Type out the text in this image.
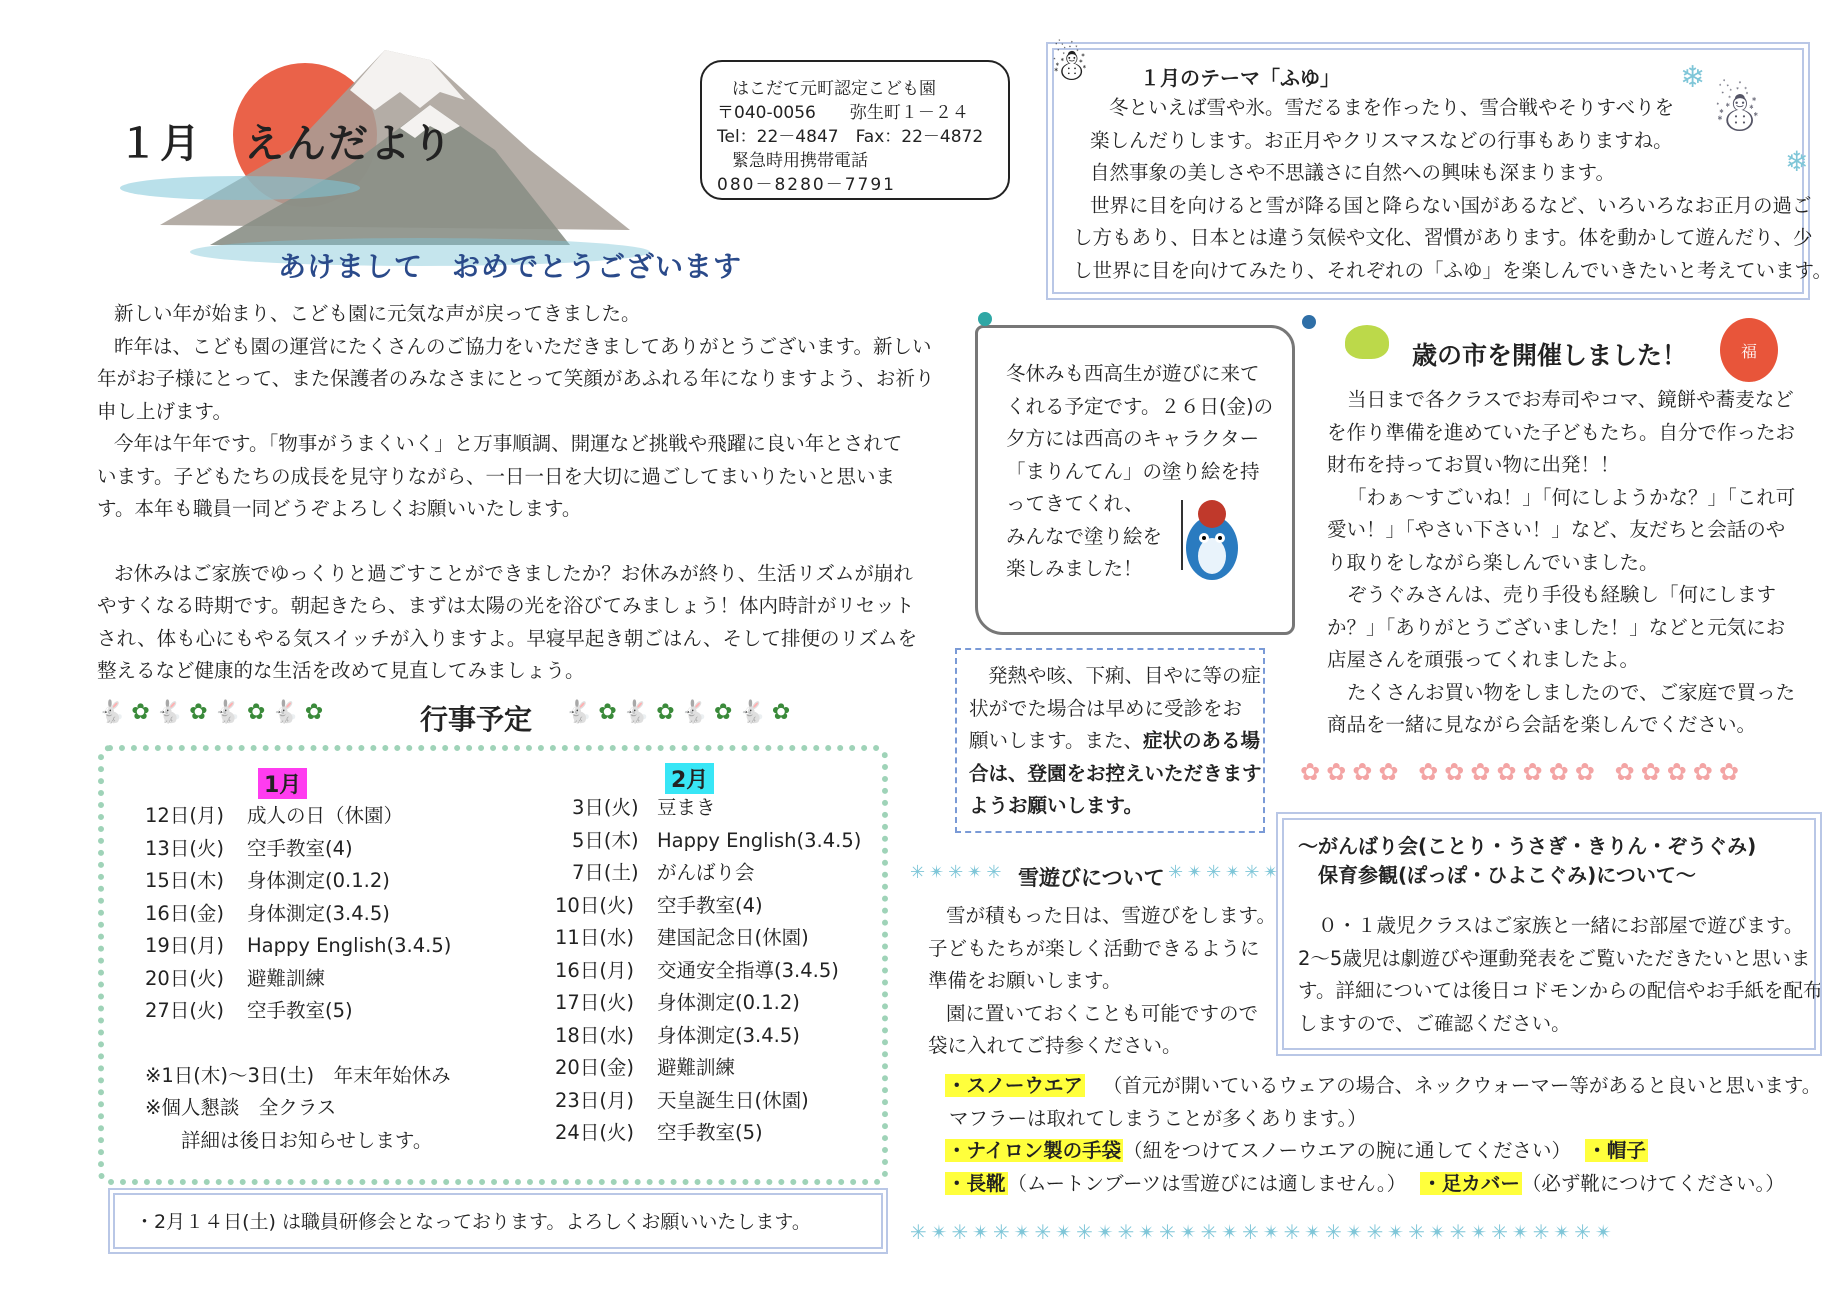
１月　えんだより
あけまして　おめでとうございます
はこだて元町認定こども園
〒040-0056　　弥生町１－２４
Tel：22－4847　Fax：22－4872
緊急時用携帯電話
080－8280－7791
☃
☃
❄
❄
１月のテーマ「ふゆ」

冬といえば雪や氷。雪だるまを作ったり、雪合戦やそりすべりを

楽しんだりします。お正月やクリスマスなどの行事もありますね。

自然事象の美しさや不思議さに自然への興味も深まります。

世界に目を向けると雪が降る国と降らない国があるなど、いろいろなお正月の過ご

し方もあり、日本とは違う気候や文化、習慣があります。体を動かして遊んだり、少

し世界に目を向けてみたり、それぞれの「ふゆ」を楽しんでいきたいと考えています。

新しい年が始まり、こども園に元気な声が戻ってきました。

昨年は、こども園の運営にたくさんのご協力をいただきましてありがとうございます。新しい

年がお子様にとって、また保護者のみなさまにとって笑顔があふれる年になりますよう、お祈り

申し上げます。

今年は午年です。「物事がうまくいく」と万事順調、開運など挑戦や飛躍に良い年とされて

います。子どもたちの成長を見守りながら、一日一日を大切に過ごしてまいりたいと思いま

す。本年も職員一同どうぞよろしくお願いいたします。

お休みはご家族でゆっくりと過ごすことができましたか？お休みが終り、生活リズムが崩れ

やすくなる時期です。朝起きたら、まずは太陽の光を浴びてみましょう！体内時計がリセット

され、体も心にもやる気スイッチが入りますよ。早寝早起き朝ごはん、そして排便のリズムを

整えるなど健康的な生活を改めて見直してみましょう。

🐇✿🐇✿🐇✿🐇✿	行事予定 🐇✿🐇✿🐇✿🐇✿
1月
12日(月)	成人の日（休園）
13日(火)	空手教室(4)
15日(木)	身体測定(0.1.2)
16日(金)	身体測定(3.4.5)
19日(月)	Happy English(3.4.5)
20日(火)	避難訓練
27日(火)	空手教室(5)
※1日(木)～3日(土)　年末年始休み
※個人懇談　全クラス
詳細は後日お知らせします。
2月
3日(火) 豆まき
5日(木) Happy English(3.4.5)
7日(土) がんばり会
10日(火)	空手教室(4)
11日(水)	建国記念日(休園)
16日(月)	交通安全指導(3.4.5)
17日(火)	身体測定(0.1.2)
18日(水)	身体測定(3.4.5)
20日(金)	避難訓練
23日(月)	天皇誕生日(休園)
24日(火)	空手教室(5)
・2月１４日(土) は職員研修会となっております。よろしくお願いいたします。

冬休みも西高生が遊びに来て

くれる予定です。２６日(金)の

夕方には西高のキャラクター

「まりんてん」の塗り絵を持

ってきてくれ、

みんなで塗り絵を

楽しみました！

発熱や咳、下痢、目やに等の症

状がでた場合は早めに受診をお

願いします。また、症状のある場

合は、登園をお控えいただきます

ようお願いします。

歳の市を開催しました！	福

当日まで各クラスでお寿司やコマ、鏡餅や蕎麦など

を作り準備を進めていた子どもたち。自分で作ったお

財布を持ってお買い物に出発！！

「わぁ～すごいね！」「何にしようかな？」「これ可

愛い！」「やさい下さい！」など、友だちと会話のや

り取りをしながら楽しんでいました。

ぞうぐみさんは、売り手役も経験し「何にします

か？」「ありがとうございました！」などと元気にお

店屋さんを頑張ってくれましたよ。

たくさんお買い物をしましたので、ご家庭で買った

商品を一緒に見ながら会話を楽しんでください。

✿✿✿✿ ✿✿✿✿✿✿✿ ✿✿✿✿✿
～がんばり会(ことり・うさぎ・きりん・ぞうぐみ)
保育参観(ぽっぽ・ひよこぐみ)について～

０・１歳児クラスはご家族と一緒にお部屋で遊びます。

2～5歳児は劇遊びや運動発表をご覧いただきたいと思いま

す。詳細については後日コドモンからの配信やお手紙を配布

しますので、ご確認ください。

✳✴✳✴✳ 雪遊びについて ✳✴✳✴✳✴

雪が積もった日は、雪遊びをします。

子どもたちが楽しく活動できるように

準備をお願いします。

園に置いておくことも可能ですので

袋に入れてご持参ください。

・スノーウエア （首元が開いているウェアの場合、ネックウォーマー等があると良いと思います。

マフラーは取れてしまうことが多くあります。）

・ナイロン製の手袋 （紐をつけてスノーウエアの腕に通してください） ・帽子

・長靴 （ムートンブーツは雪遊びには適しません。） ・足カバー （必ず靴につけてください。）

✳✴✳✴✳✴✳✴✳✴✳✴✳✴✳✴✳✴✳✴✳✴✳✴✳✴✳✴✳✴✳✴✳✴
